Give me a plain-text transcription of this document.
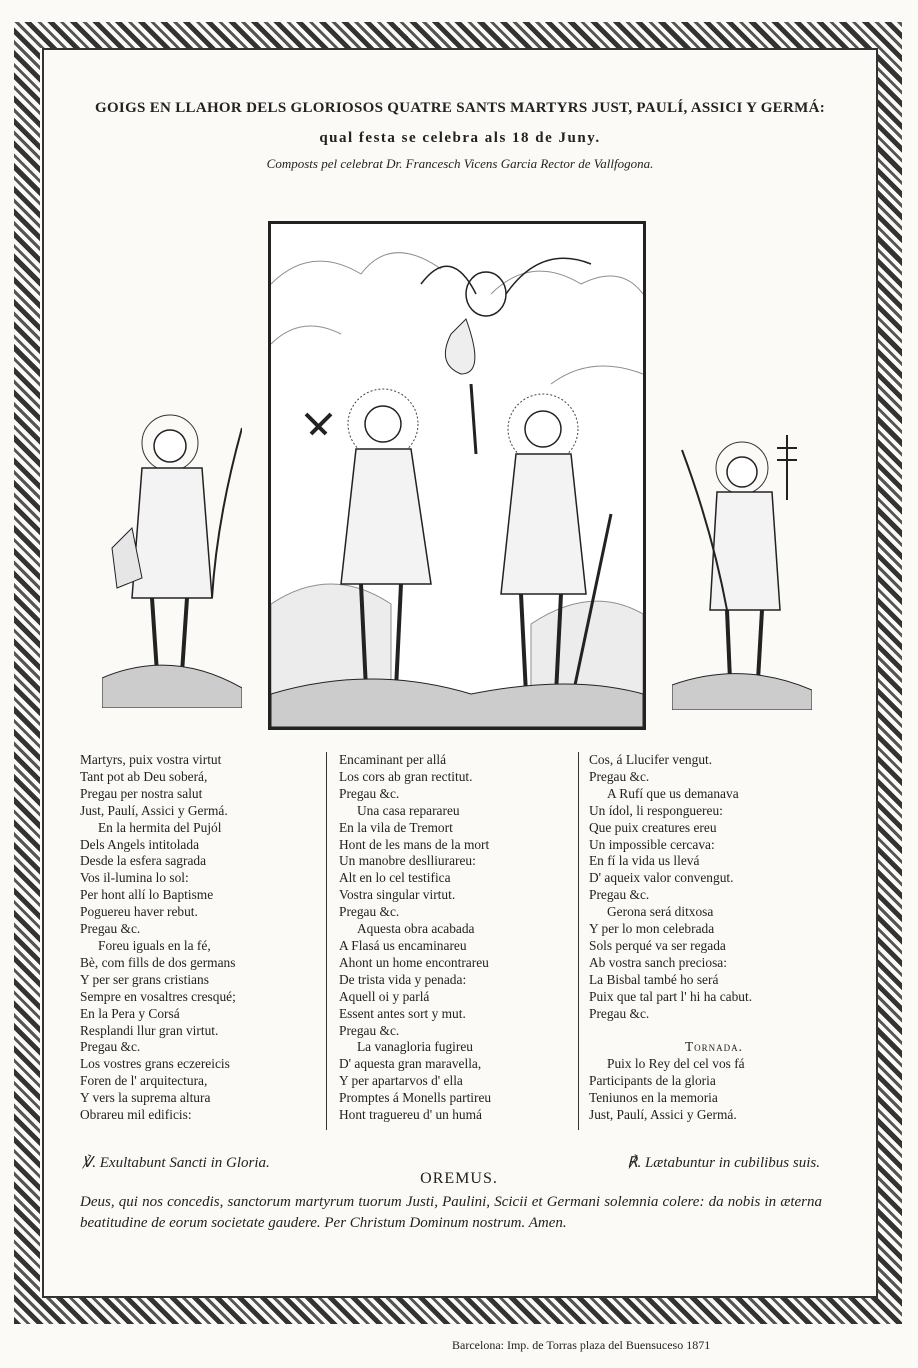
GOIGS EN LLAHOR DELS GLORIOSOS QUATRE SANTS MARTYRS JUST, PAULÍ, ASSICI Y GERMÁ:

qual festa se celebra als 18 de Juny.

Composts pel celebrat Dr. Francesch Vicens Garcia Rector de Vallfogona.

Martyrs, puix vostra virtut
Tant pot ab Deu soberá,
Pregau per nostra salut
Just, Paulí, Assici y Germá.
En la hermita del Pujól
Dels Angels intitolada
Desde la esfera sagrada
Vos il-lumina lo sol:
Per hont allí lo Baptisme
Poguereu haver rebut.
Pregau &c.
Foreu iguals en la fé,
Bè, com fills de dos germans
Y per ser grans cristians
Sempre en vosaltres cresqué;
En la Pera y Corsá
Resplandi llur gran virtut.
Pregau &c.
Los vostres grans eczereicis
Foren de l' arquitectura,
Y vers la suprema altura
Obrareu mil edificis:
Encaminant per allá
Los cors ab gran rectitut.
Pregau &c.
Una casa reparareu
En la vila de Tremort
Hont de les mans de la mort
Un manobre deslliurareu:
Alt en lo cel testifica
Vostra singular virtut.
Pregau &c.
Aquesta obra acabada
A Flasá us encaminareu
Ahont un home encontrareu
De trista vida y penada:
Aquell oi y parlá
Essent antes sort y mut.
Pregau &c.
La vanagloria fugireu
D' aquesta gran maravella,
Y per apartarvos d' ella
Promptes á Monells partireu
Hont traguereu d' un humá
Cos, á Llucifer vengut.
Pregau &c.
A Rufí que us demanava
Un ídol, li responguereu:
Que puix creatures ereu
Un impossible cercava:
En fí la vida us llevá
D' aqueix valor convengut.
Pregau &c.
Gerona será ditxosa
Y per lo mon celebrada
Sols perqué va ser regada
Ab vostra sanch preciosa:
La Bisbal també ho será
Puix que tal part l' hi ha cabut.
Pregau &c.

Tornada.
Puix lo Rey del cel vos fá
Participants de la gloria
Teniunos en la memoria
Just, Paulí, Assici y Germá.
℣. Exultabunt Sancti in Gloria.	℟. Lætabuntur in cubilibus suis.
OREMUS.
Deus, qui nos concedis, sanctorum martyrum tuorum Justi, Paulini, Scicii et Germani solemnia colere: da nobis in æterna beatitudine de eorum societate gaudere. Per Christum Dominum nostrum. Amen.
Barcelona: Imp. de Torras plaza del Buensuceso 1871
